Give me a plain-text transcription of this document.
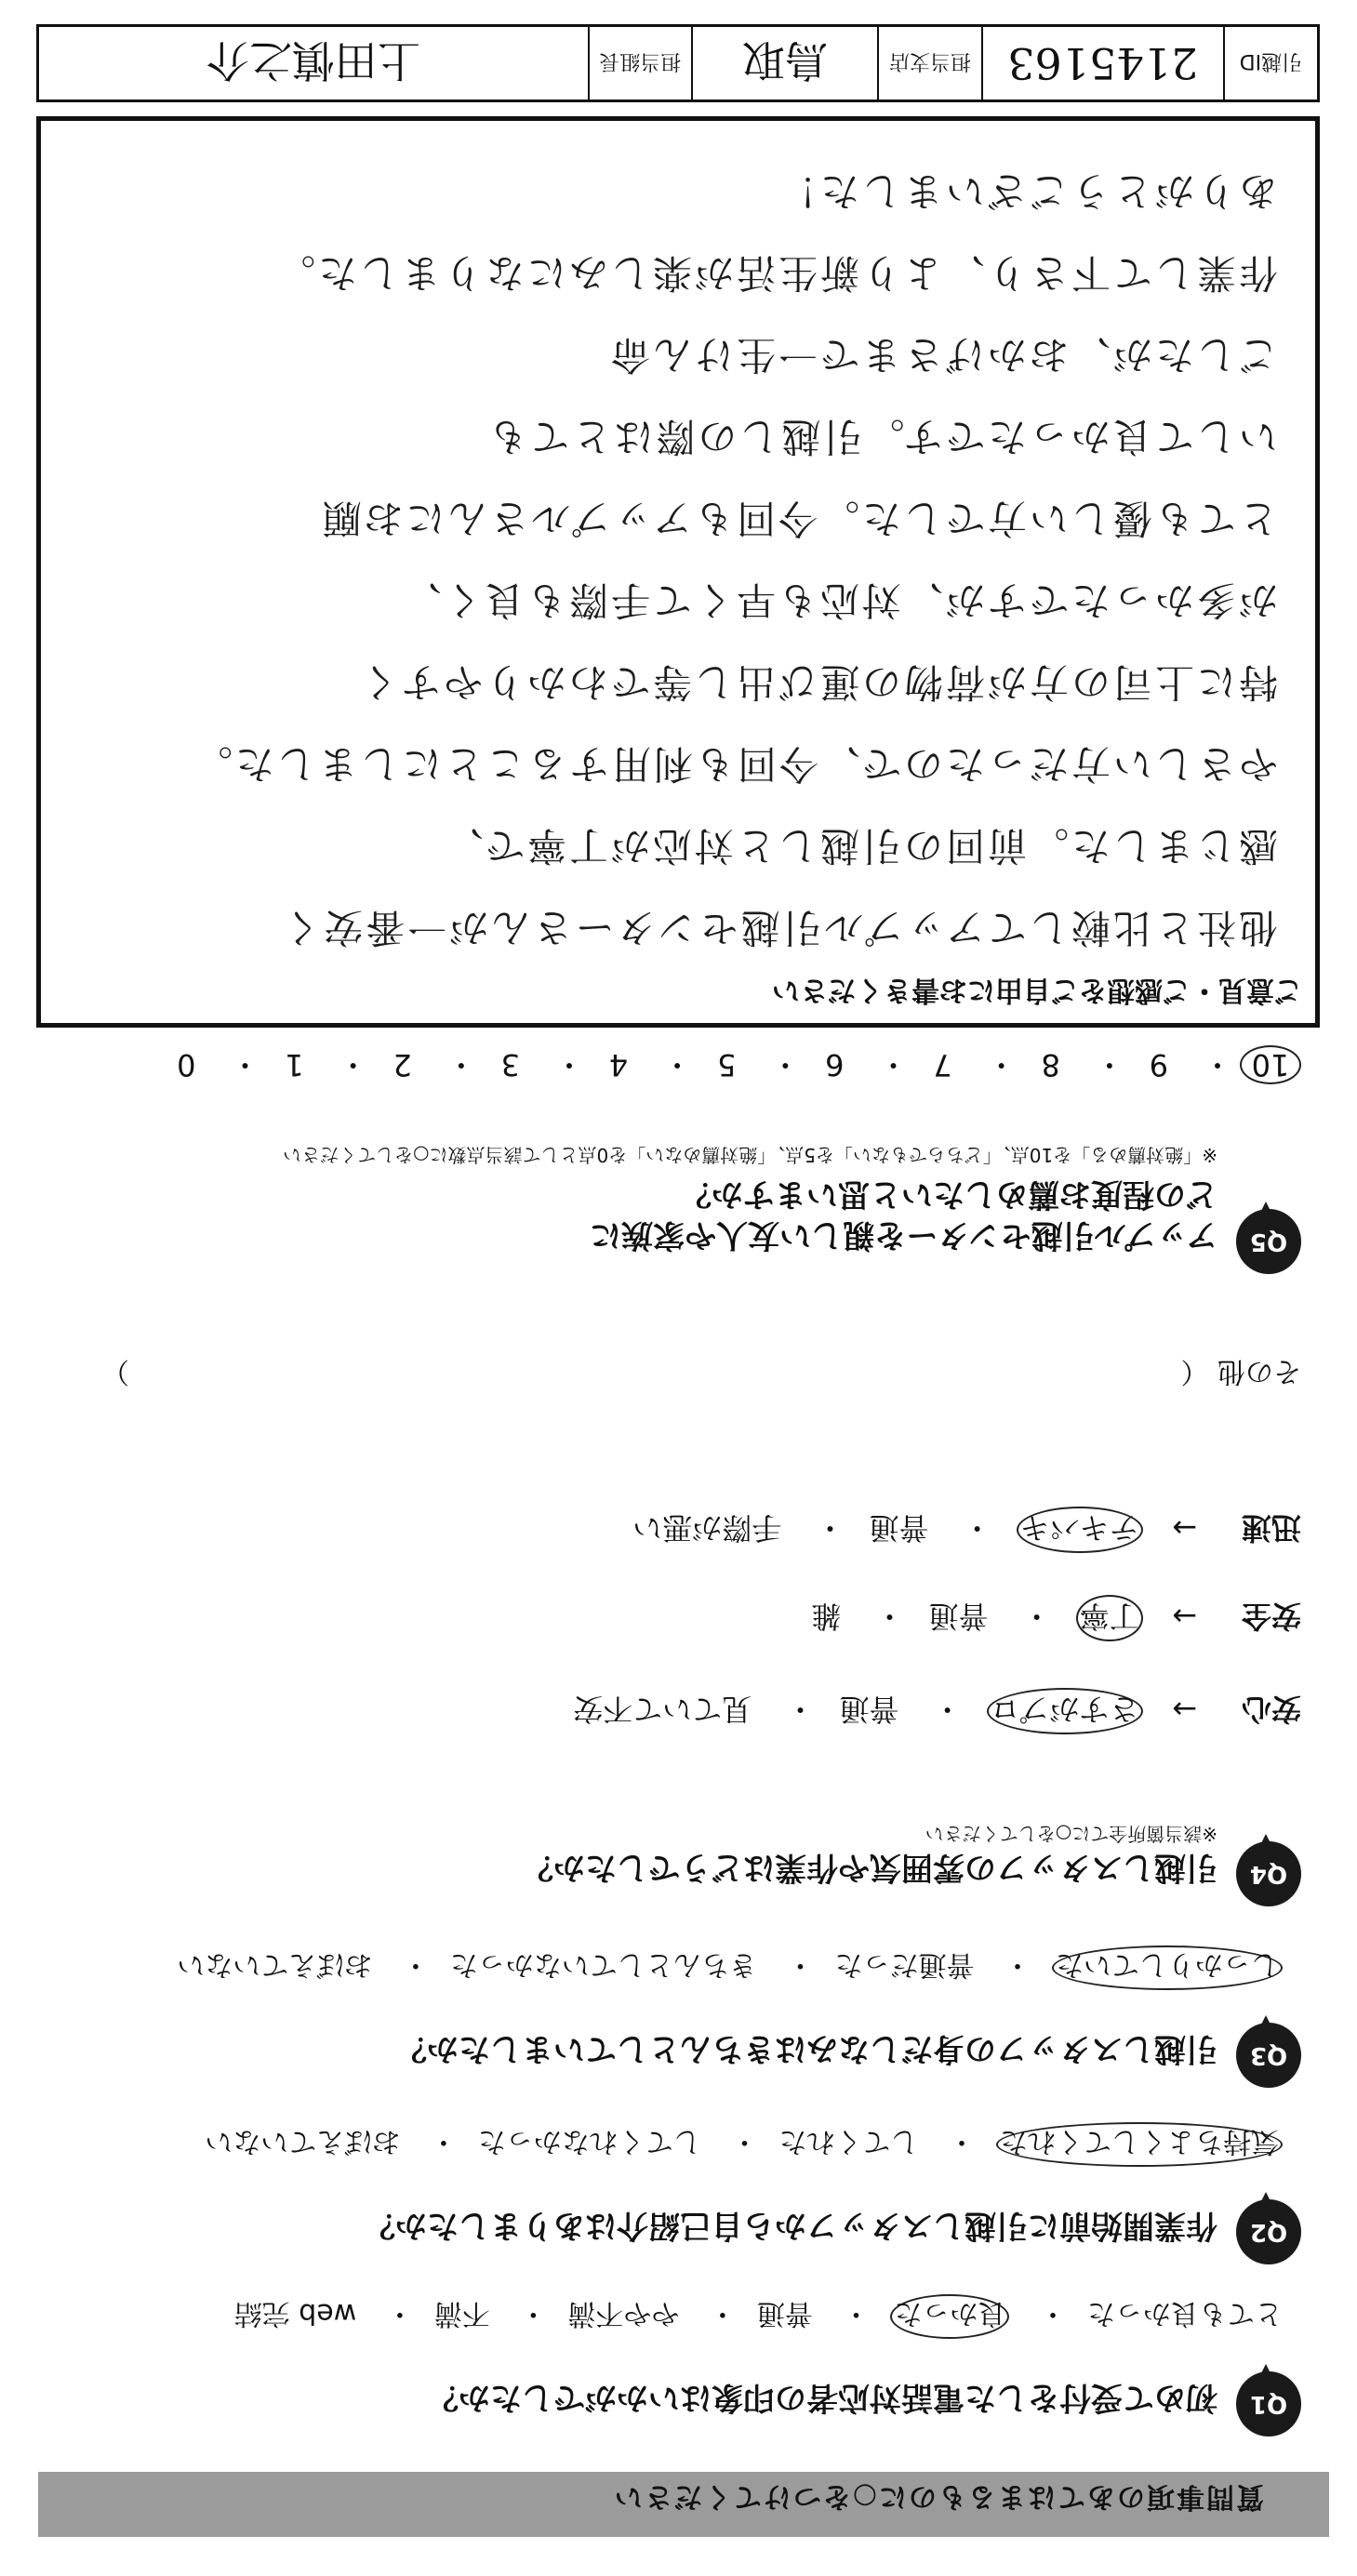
質問事項のあてはまるものに○をつけてください
Q1
初めて受付をした電話対応者の印象はいかがでしたか？
とても良かった・ 良かった・ 普通・ やや不満・ 不満・ web 完結
Q2
作業開始前に引越しスタッフから自己紹介はありましたか？
気持ちよくしてくれた・ してくれた・ してくれなかった・ おぼえていない
Q3
引越しスタッフの身だしなみはきちんとしていましたか？
しっかりしていた・ 普通だった・ きちんとしていなかった・ おぼえていない
Q4
引越しスタッフの雰囲気や作業はどうでしたか？
※該当箇所全てに○をしてください
安心 → さすがプロ・ 普通・ 見ていて不安
安全 → 丁寧・ 普通・ 雑
迅速 → テキパキ・ 普通・ 手際が悪い
その他 （
）
Q5
アップル引越センターを親しい友人や家族に
どの程度お薦めしたいと思いますか？
※「絶対薦める」を10点、「どちらでもない」を5点、「絶対薦めない」を0点として該当点数に○をしてください
10・ 9・ 8・ 7・ 6・ 5・ 4・ 3・ 2・ 1・ 0
ご意見・ご感想をご自由にお書きください
他社と比較してアップル引越センターさんが一番安く
感じました。前回の引越しと対応が丁寧で、
やさしい方だったので、今回も利用することにしました。
特に上司の方が荷物の運び出し等でわかりやすく
が多かったですが、対応も早くて手際も良く、
とても優しい方でした。今回もアップルさんにお願
いして良かったです。引越しの際はとても
ごしたが、おかげさまで一生けん命
作業して下さり、より新生活が楽しみになりました。
ありがとうございました！
引越ID
2145163
担当支店
鳥取
担当組長
上田慎之介
